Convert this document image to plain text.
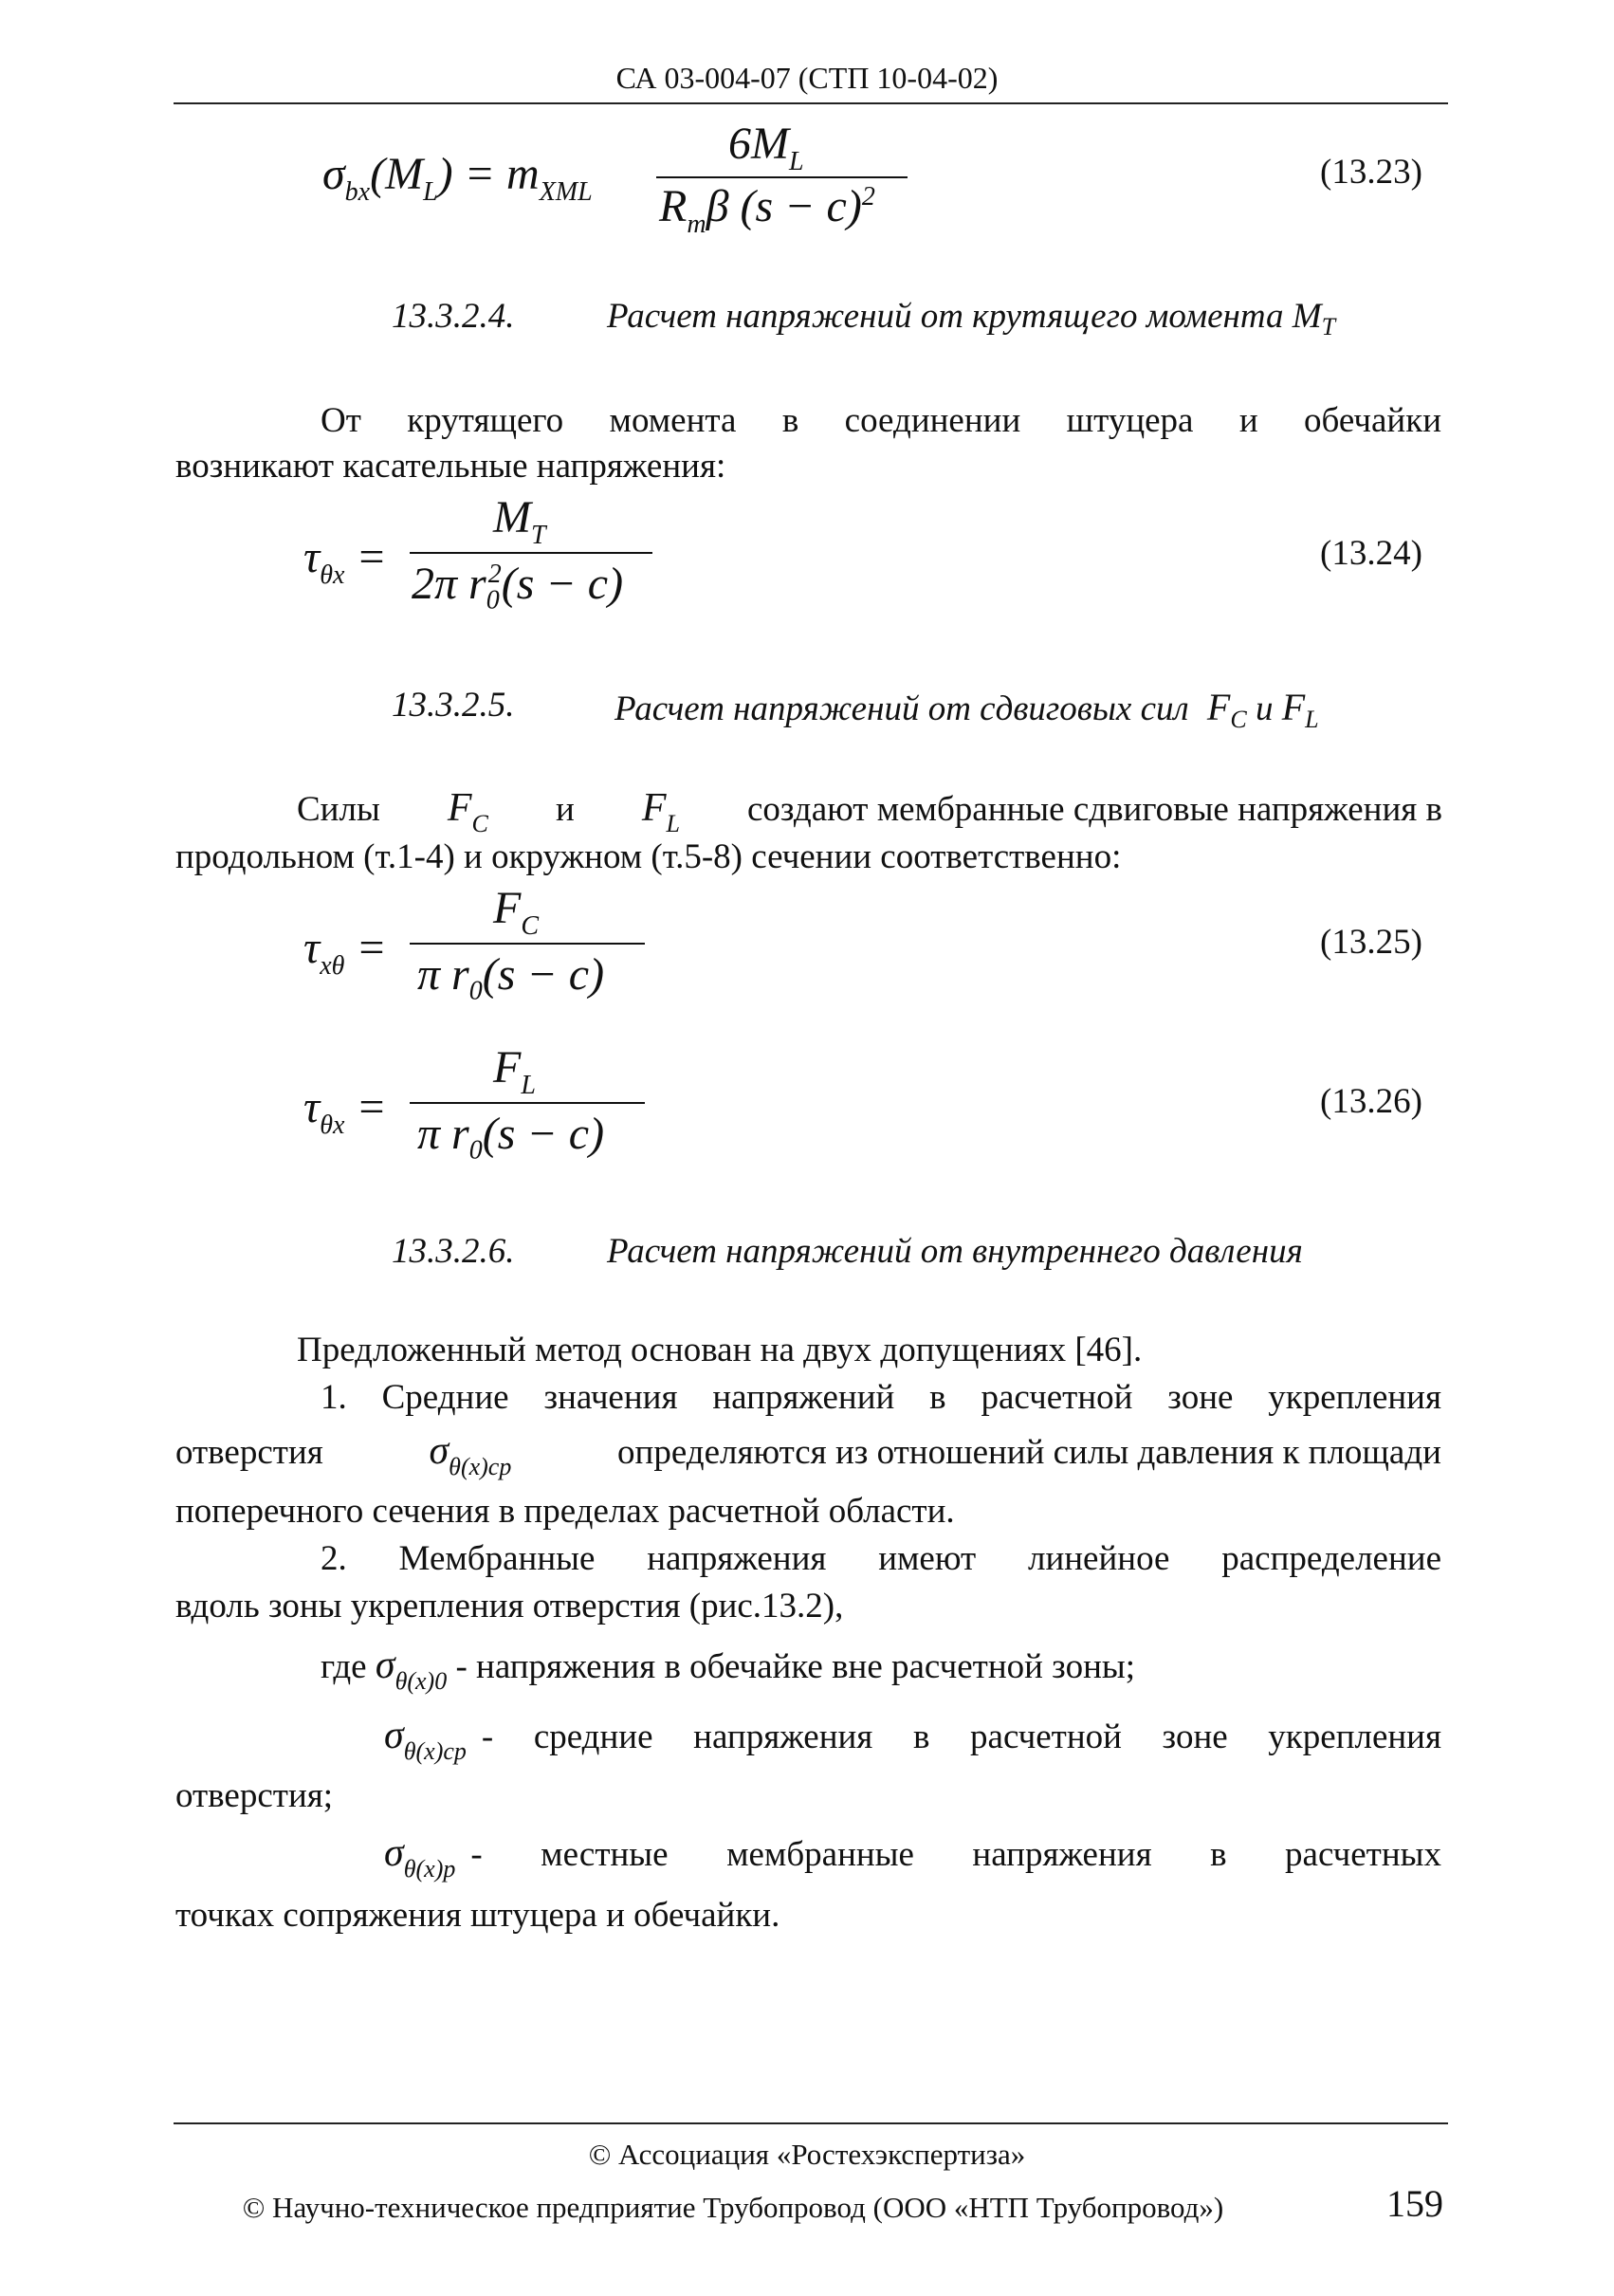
СА 03-004-07 (СТП 10-04-02)
$\sigma_{bx}(M_L) = m_{XML}$
$6M_L$
$R_m\beta$ $(s - c)^2$
(13.23)
13.3.2.4.	Расчет напряжений от крутящего момента $M_T$
От крутящего момента в соединении штуцера и обечайки
возникают касательные напряжения:
$\tau_{\theta x}$ =
$M_T$
2π $r_0^2(s - c)$
(13.24)
13.3.2.5.	Расчет напряжений от сдвиговых сил  $F_C$ и $F_L$
Силы $F_C$ и $F_L$ создают мембранные сдвиговые напряжения в
продольном (т.1-4) и окружном (т.5-8) сечении соответственно:
$\tau_{x\theta}$ =
$F_C$
π $r_0(s - c)$
(13.25)
$\tau_{\theta x}$ =
$F_L$
π $r_0(s - c)$
(13.26)
13.3.2.6.	Расчет напряжений от внутреннего давления
Предложенный метод основан на двух допущениях [46].
1. Средние значения напряжений в расчетной зоне укрепления
отверстия	$\sigma_{\theta(x)cp}$	определяются из отношений силы давления к площади
поперечного сечения в пределах расчетной области.
2. Мембранные напряжения имеют линейное распределение
вдоль зоны укрепления отверстия (рис.13.2),
где $\sigma_{\theta(x)0}$ - напряжения в обечайке вне расчетной зоны;
$\sigma_{\theta(x)cp}$ - средние напряжения в расчетной зоне укрепления
отверстия;
$\sigma_{\theta(x)p}$ - местные мембранные напряжения в расчетных
точках сопряжения штуцера и обечайки.
© Ассоциация «Ростехэкспертиза»
© Научно-техническое предприятие Трубопровод (ООО «НТП Трубопровод»)	159
